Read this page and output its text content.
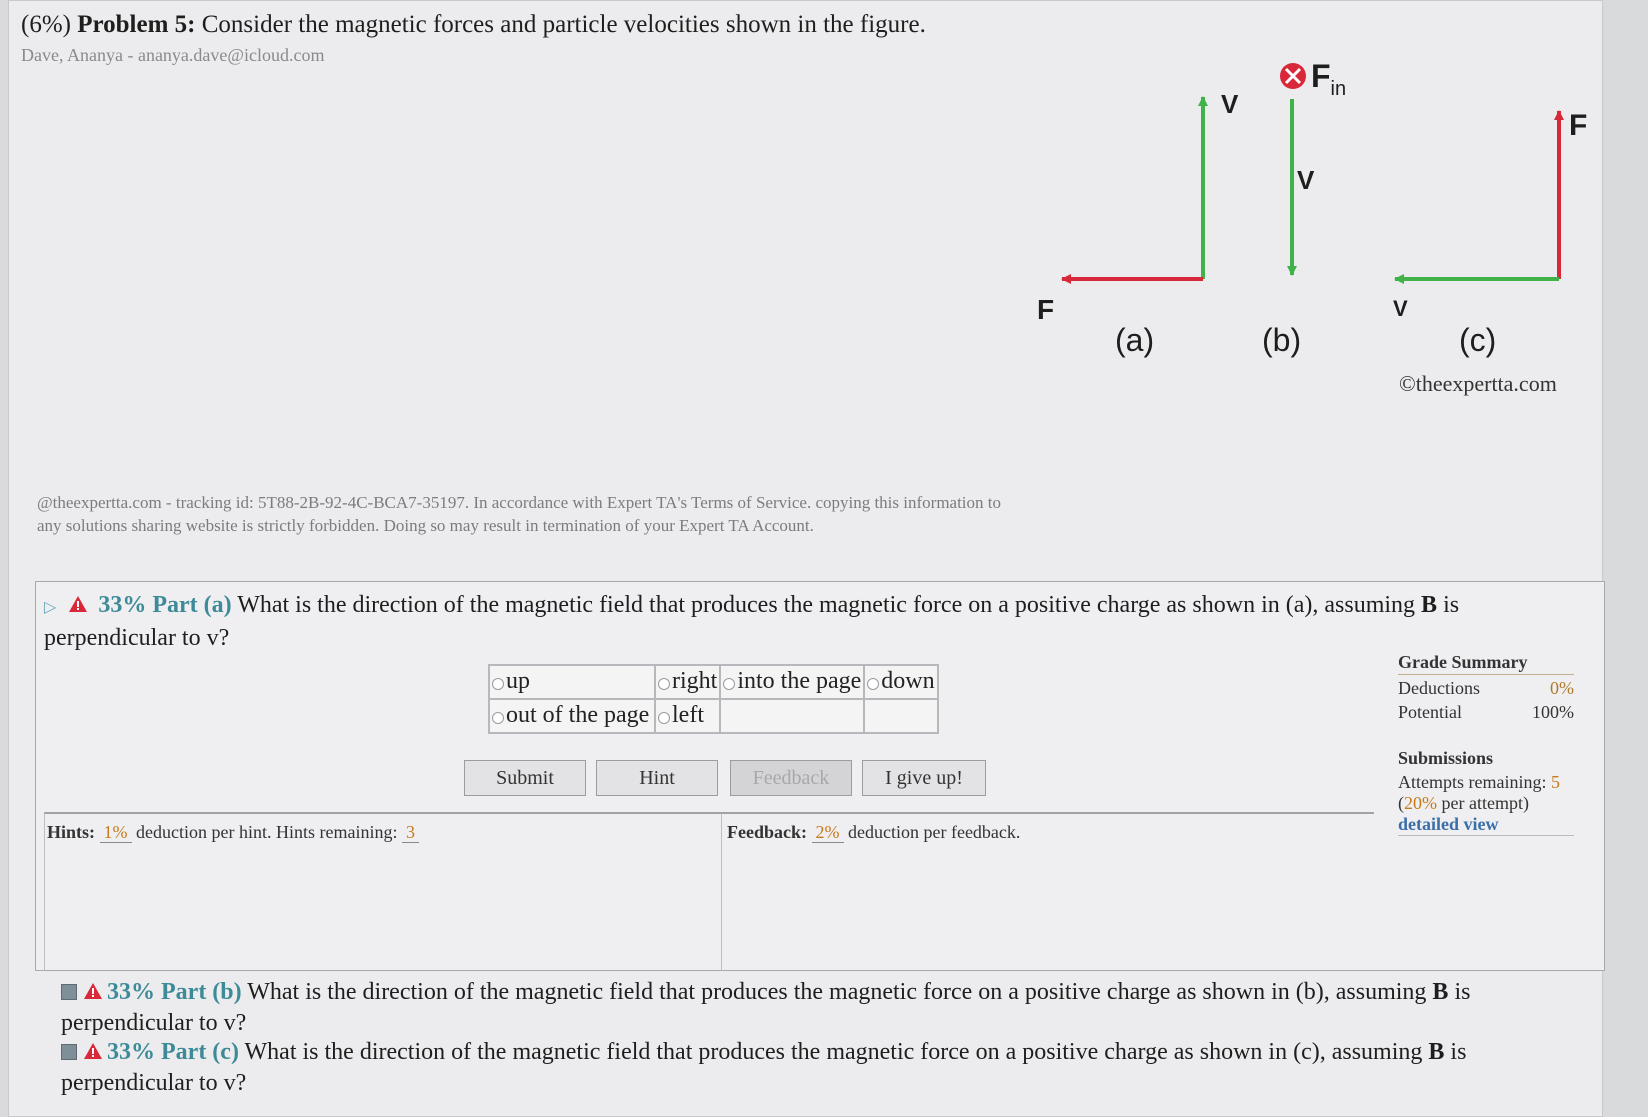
(6%) Problem 5: Consider the magnetic forces and particle velocities shown in the figure.
Dave, Ananya - ananya.dave@icloud.com
V
F
(a)
$F_{in}$
V
(b)
F
V
(c)
©theexpertta.com
@theexpertta.com - tracking id: 5T88-2B-92-4C-BCA7-35197. In accordance with Expert TA's Terms of Service. copying this information to any solutions sharing website is strictly forbidden. Doing so may result in termination of your Expert TA Account.
▷ 33% Part (a) What is the direction of the magnetic field that produces the magnetic force on a positive charge as shown in (a), assuming B is perpendicular to v?
up	right	into the page	down
out of the page	left		
Submit	Hint	Feedback	I give up!
Grade Summary
Deductions	0%
Potential	100%
Submissions
Attempts remaining: 5
(20% per attempt)
detailed view
Hints: 1% deduction per hint. Hints remaining: 3	Feedback: 2% deduction per feedback.
33% Part (b) What is the direction of the magnetic field that produces the magnetic force on a positive charge as shown in (b), assuming B is perpendicular to v?
33% Part (c) What is the direction of the magnetic field that produces the magnetic force on a positive charge as shown in (c), assuming B is perpendicular to v?
